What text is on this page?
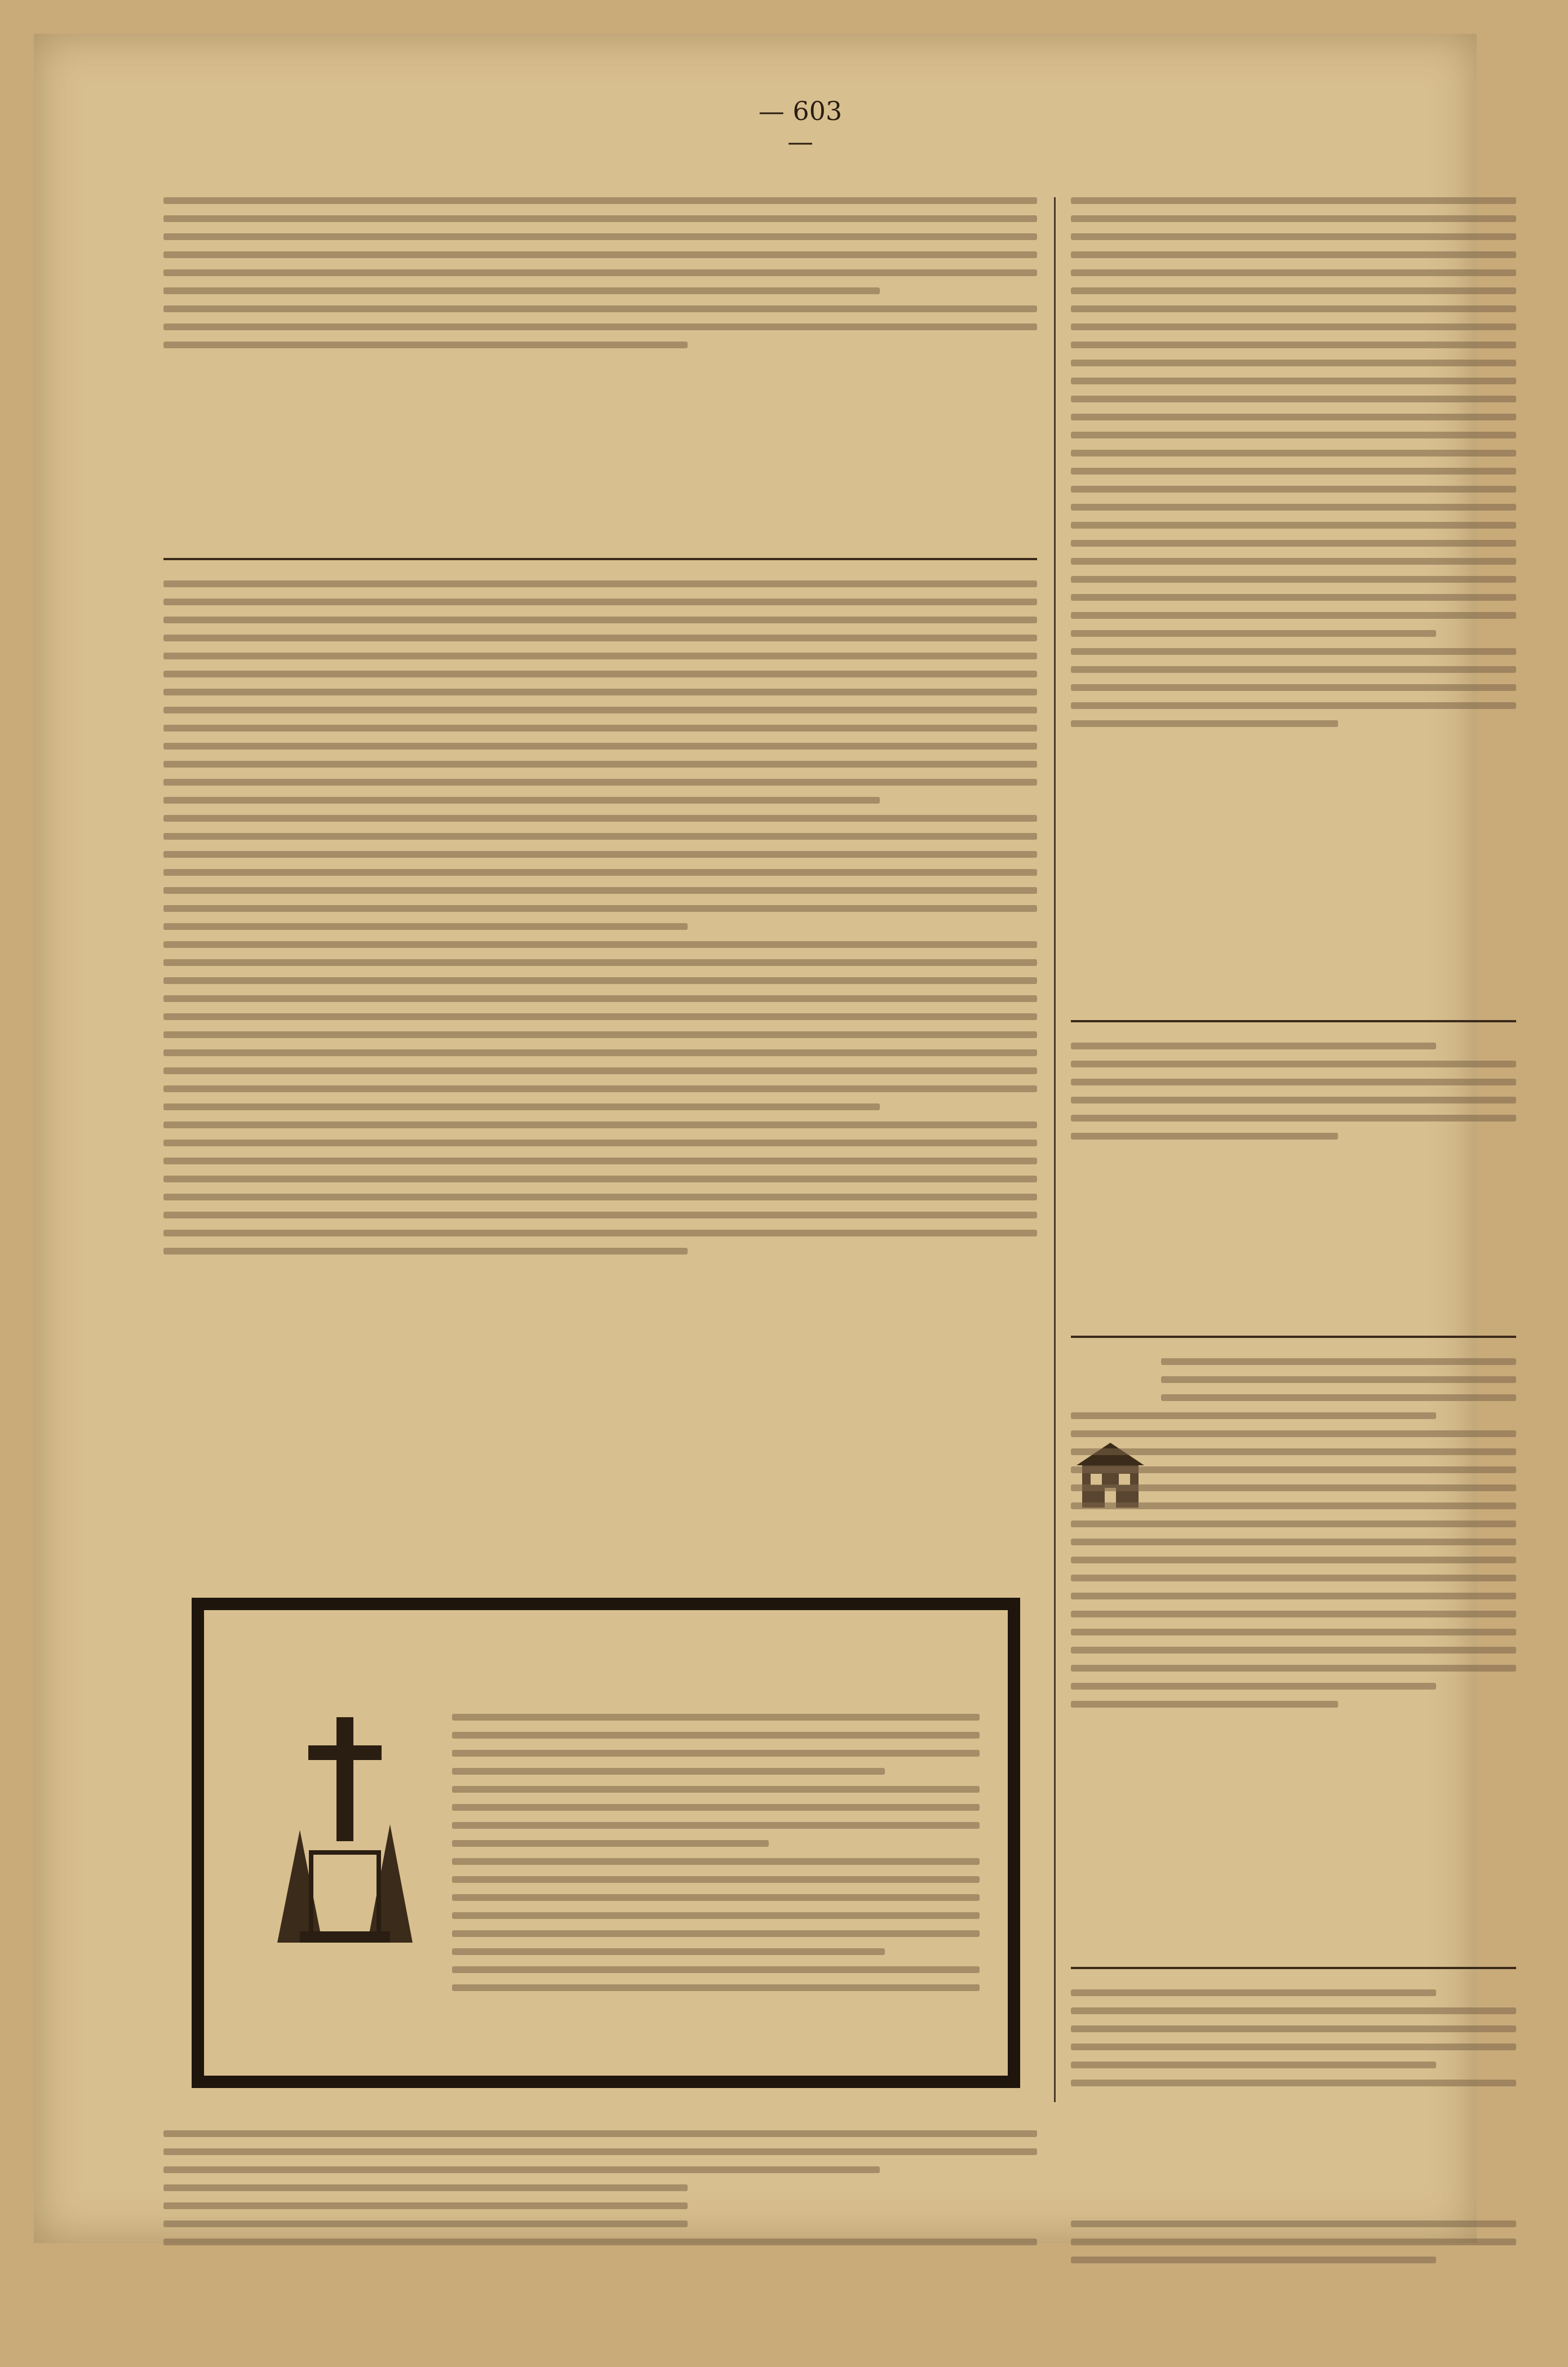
— 603 —
